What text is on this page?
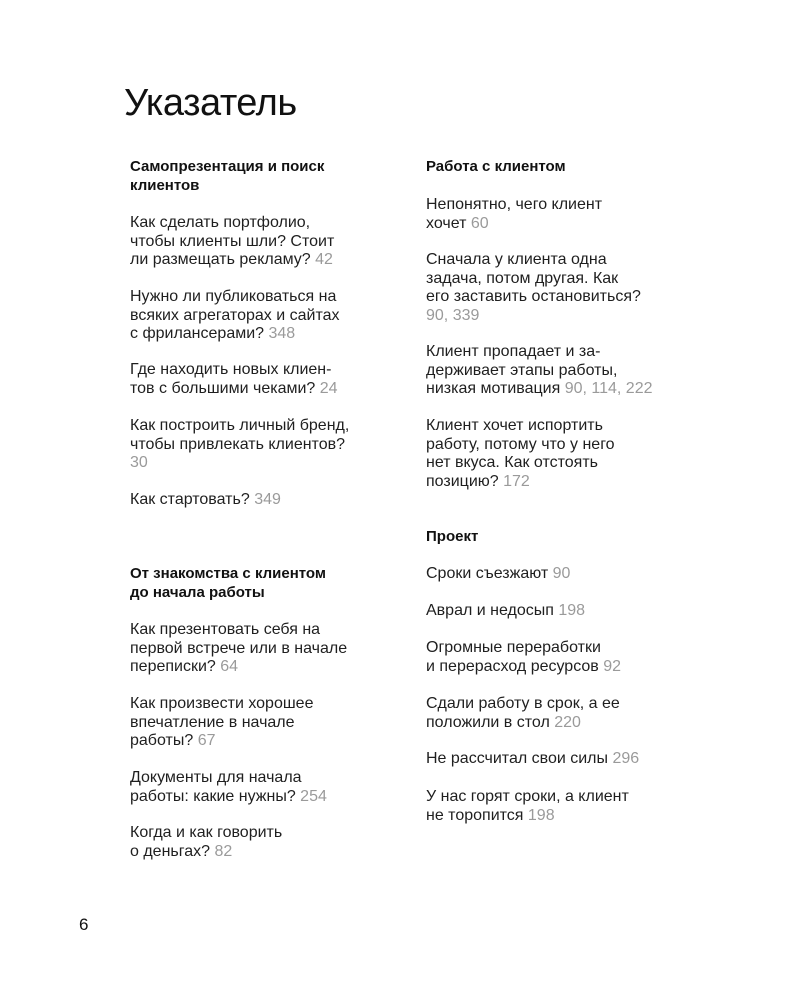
Указатель
Самопрезентация и поиск
клиентов

Как сделать портфолио,
чтобы клиенты шли? Стоит
ли размещать рекламу? 42

Нужно ли публиковаться на
всяких агрегаторах и сайтах
с фрилансерами? 348

Где находить новых клиен-
тов с большими чеками? 24

Как построить личный бренд,
чтобы привлекать клиентов?
30

Как стартовать? 349

От знакомства с клиентом
до начала работы

Как презентовать себя на
первой встрече или в начале
переписки? 64

Как произвести хорошее
впечатление в начале
работы? 67

Документы для начала
работы: какие нужны? 254

Когда и как говорить
о деньгах? 82

Работа с клиентом

Непонятно, чего клиент
хочет 60

Сначала у клиента одна
задача, потом другая. Как
его заставить остановиться?
90, 339

Клиент пропадает и за-
держивает этапы работы,
низкая мотивация 90, 114, 222

Клиент хочет испортить
работу, потому что у него
нет вкуса. Как отстоять
позицию? 172

Проект

Сроки съезжают 90

Аврал и недосып 198

Огромные переработки
и перерасход ресурсов 92

Сдали работу в срок, а ее
положили в стол 220

Не рассчитал свои силы 296

У нас горят сроки, а клиент
не торопится 198

6
